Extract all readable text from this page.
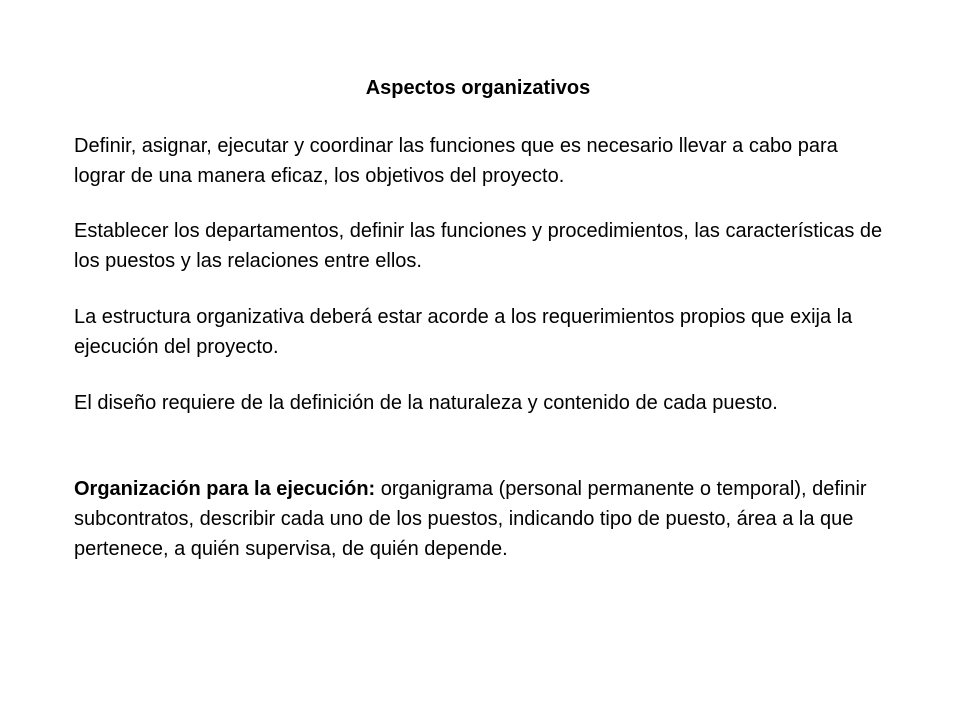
Aspectos organizativos

Definir, asignar, ejecutar y coordinar las funciones que es necesario llevar a cabo para lograr de una manera eficaz, los objetivos del proyecto.

Establecer los departamentos, definir las funciones y procedimientos, las características de los puestos y las relaciones entre ellos.

La estructura organizativa deberá estar acorde a los requerimientos propios que exija la ejecución del proyecto.

El diseño requiere de la definición de la naturaleza y contenido de cada puesto.

Organización para la ejecución: organigrama (personal permanente o temporal), definir subcontratos, describir cada uno de los puestos, indicando tipo de puesto, área a la que pertenece, a quién supervisa, de quién depende.
